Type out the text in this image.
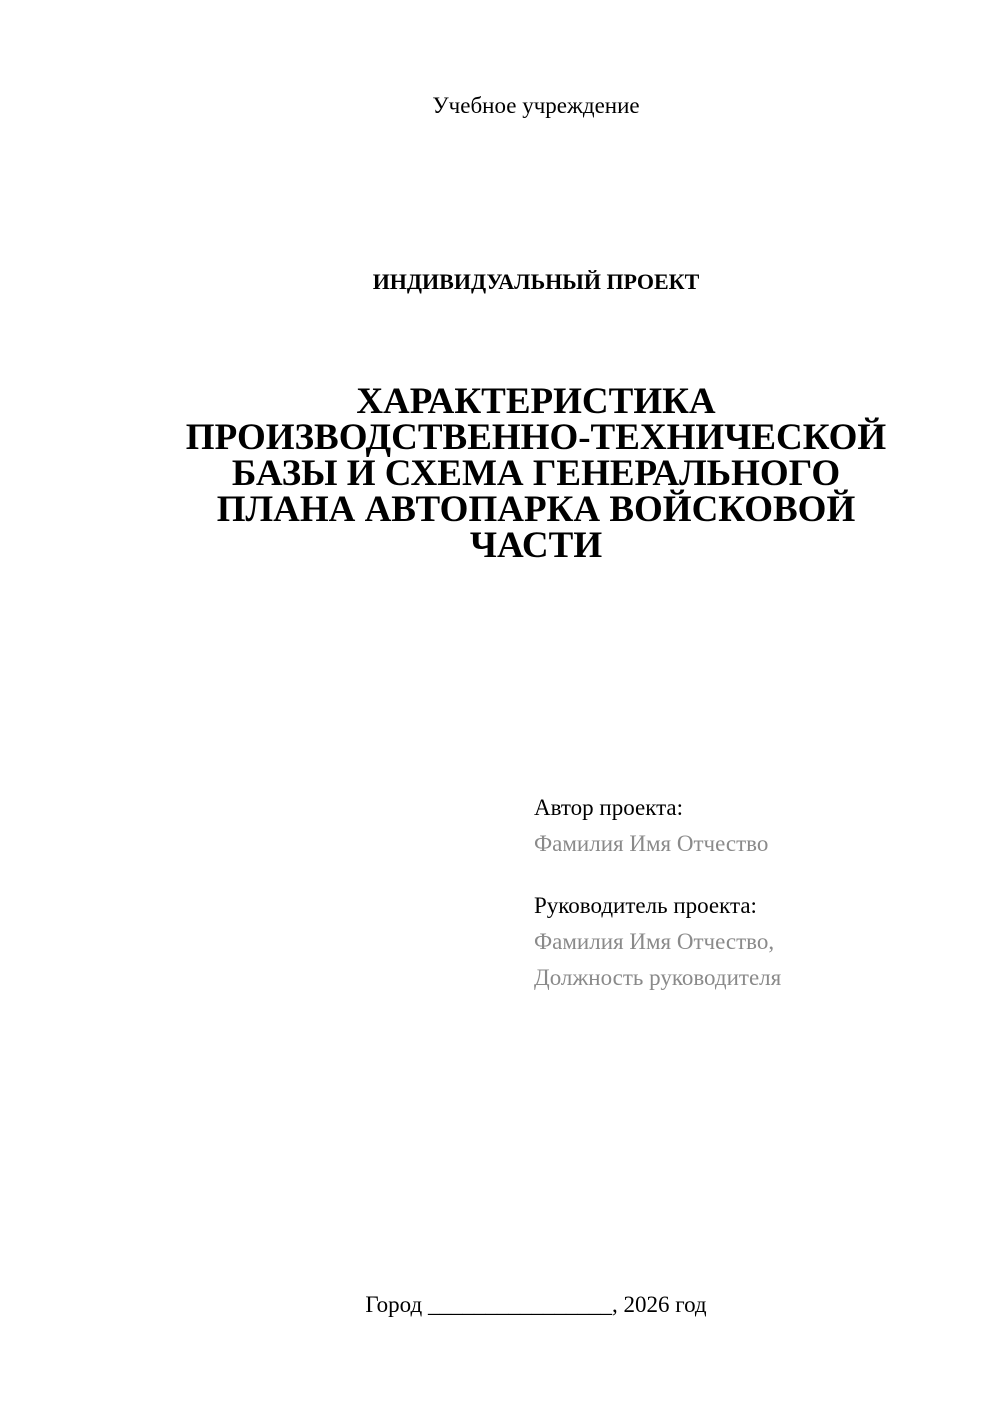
Учебное учреждение
ИНДИВИДУАЛЬНЫЙ ПРОЕКТ
ХАРАКТЕРИСТИКА
ПРОИЗВОДСТВЕННО-ТЕХНИЧЕСКОЙ
БАЗЫ И СХЕМА ГЕНЕРАЛЬНОГО
ПЛАНА АВТОПАРКА ВОЙСКОВОЙ
ЧАСТИ
Автор проекта:
Фамилия Имя Отчество
Руководитель проекта:
Фамилия Имя Отчество,
Должность руководителя
Город ________________, 2026 год
